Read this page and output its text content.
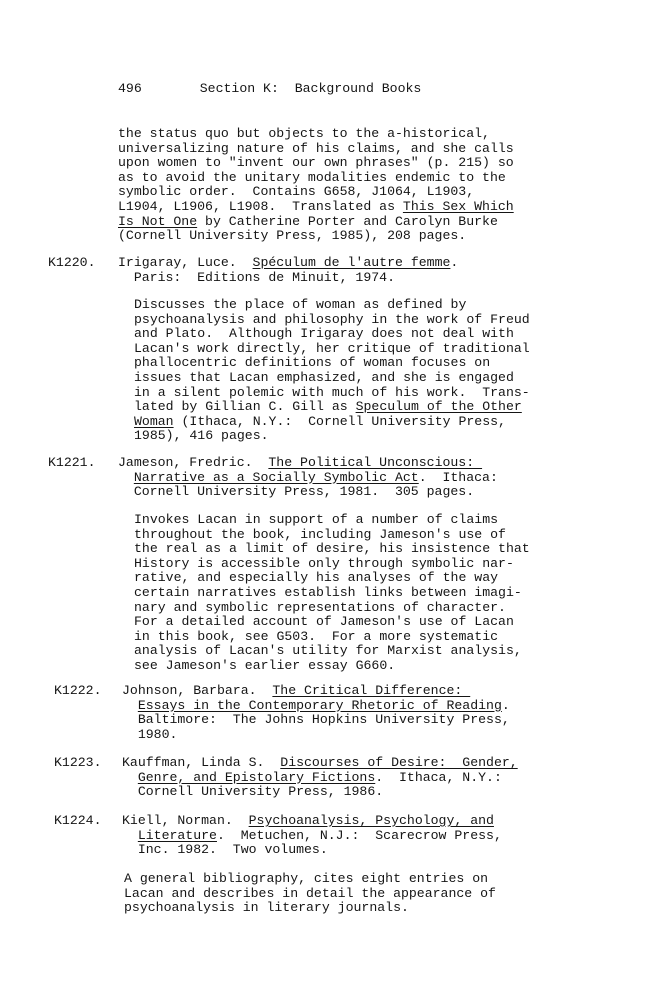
496	Section K:  Background Books
the status quo but objects to the a-historical,
universalizing nature of his claims, and she calls
upon women to "invent our own phrases" (p. 215) so
as to avoid the unitary modalities endemic to the
symbolic order.  Contains G658, J1064, L1903,
L1904, L1906, L1908.  Translated as This Sex Which
Is Not One by Catherine Porter and Carolyn Burke
(Cornell University Press, 1985), 208 pages.
K1220. Irigaray, Luce.  Spéculum de l'autre femme.
Paris:  Editions de Minuit, 1974.
Discusses the place of woman as defined by
psychoanalysis and philosophy in the work of Freud
and Plato.  Although Irigaray does not deal with
Lacan's work directly, her critique of traditional
phallocentric definitions of woman focuses on
issues that Lacan emphasized, and she is engaged
in a silent polemic with much of his work.  Trans-
lated by Gillian C. Gill as Speculum of the Other
Woman (Ithaca, N.Y.:  Cornell University Press,
1985), 416 pages.
K1221. Jameson, Fredric.  The Political Unconscious:
Narrative as a Socially Symbolic Act.  Ithaca:
Cornell University Press, 1981.  305 pages.
Invokes Lacan in support of a number of claims
throughout the book, including Jameson's use of
the real as a limit of desire, his insistence that
History is accessible only through symbolic nar-
rative, and especially his analyses of the way
certain narratives establish links between imagi-
nary and symbolic representations of character.
For a detailed account of Jameson's use of Lacan
in this book, see G503.  For a more systematic
analysis of Lacan's utility for Marxist analysis,
see Jameson's earlier essay G660.
K1222. Johnson, Barbara.  The Critical Difference:
Essays in the Contemporary Rhetoric of Reading.
Baltimore:  The Johns Hopkins University Press,
1980.
K1223. Kauffman, Linda S.  Discourses of Desire:  Gender,
Genre, and Epistolary Fictions.  Ithaca, N.Y.:
Cornell University Press, 1986.
K1224. Kiell, Norman.  Psychoanalysis, Psychology, and
Literature.  Metuchen, N.J.:  Scarecrow Press,
Inc. 1982.  Two volumes.
A general bibliography, cites eight entries on
Lacan and describes in detail the appearance of
psychoanalysis in literary journals.
